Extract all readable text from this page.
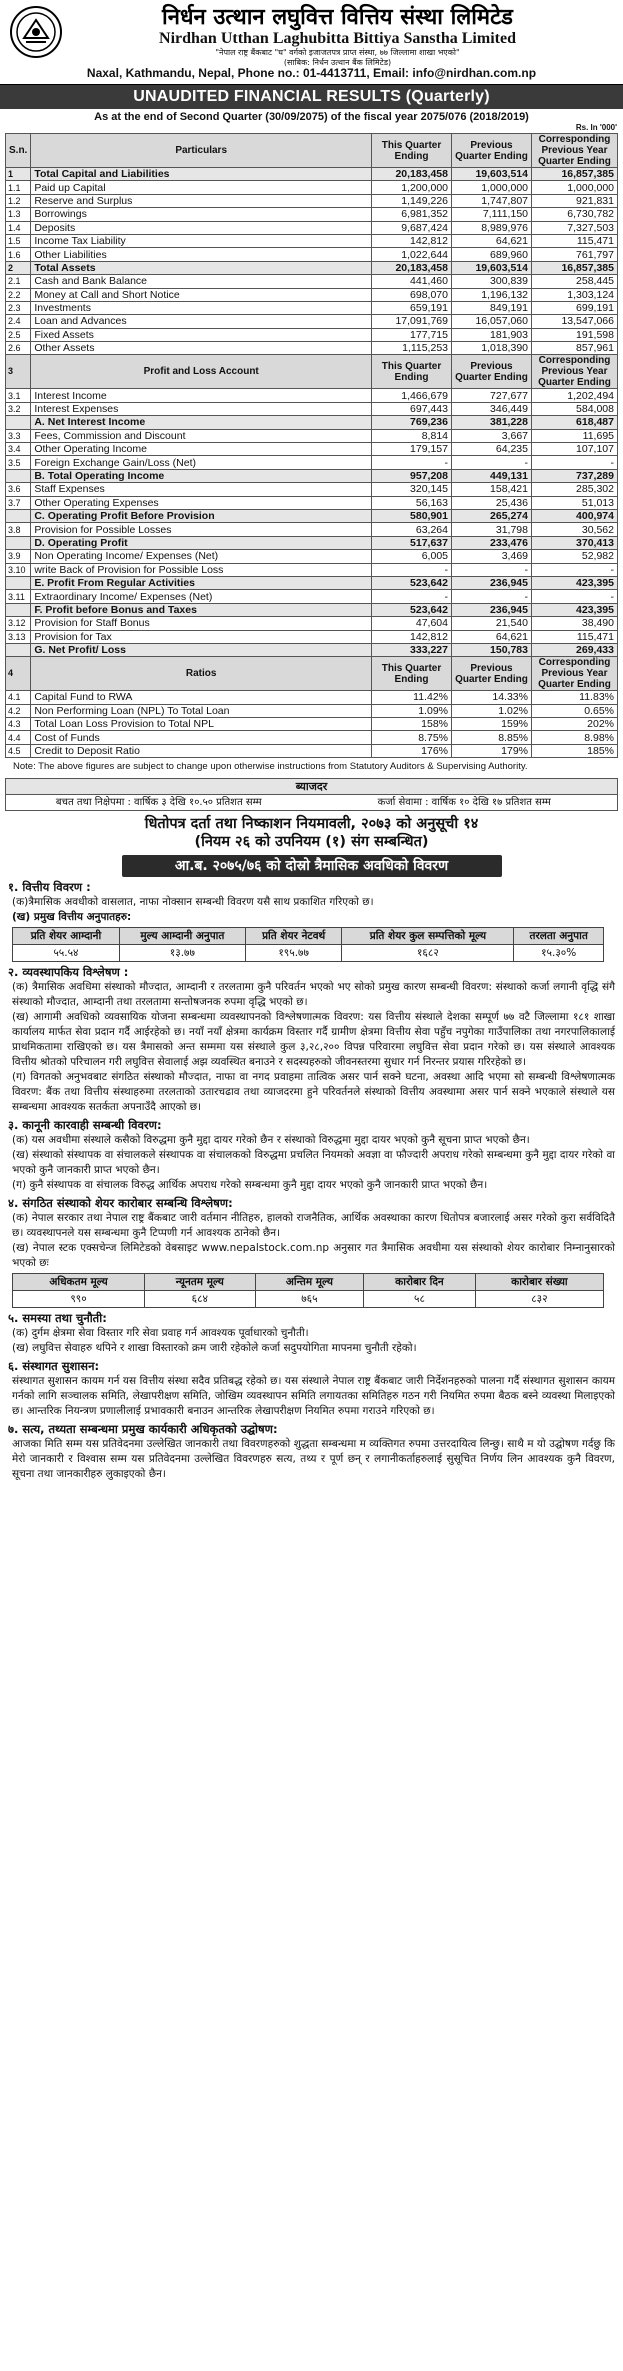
निर्धन उत्थान लघुवित्त वित्तिय संस्था लिमिटेड
Nirdhan Utthan Laghubitta Bittiya Sanstha Limited
"नेपाल राष्ट्र बैंकबाट "घ" वर्गको इजाजतपत्र प्राप्त संस्था, ७७ जिल्लामा शाखा भएको"
(साबिक: निर्धन उत्थान बैंक लिमिटेड)
Naxal, Kathmandu, Nepal, Phone no.: 01-4413711, Email: info@nirdhan.com.np
UNAUDITED FINANCIAL RESULTS (Quarterly)
As at the end of Second Quarter (30/09/2075) of the fiscal year 2075/076 (2018/2019)
Rs. In '000'
S.n.	Particulars	This Quarter Ending	Previous Quarter Ending	Corresponding Previous Year Quarter Ending
1	Total Capital and Liabilities	20,183,458	19,603,514	16,857,385
1.1	Paid up Capital	1,200,000	1,000,000	1,000,000
1.2	Reserve and Surplus	1,149,226	1,747,807	921,831
1.3	Borrowings	6,981,352	7,111,150	6,730,782
1.4	Deposits	9,687,424	8,989,976	7,327,503
1.5	Income Tax Liability	142,812	64,621	115,471
1.6	Other Liabilities	1,022,644	689,960	761,797
2	Total Assets	20,183,458	19,603,514	16,857,385
2.1	Cash and Bank Balance	441,460	300,839	258,445
2.2	Money at Call and Short Notice	698,070	1,196,132	1,303,124
2.3	Investments	659,191	849,191	699,191
2.4	Loan and Advances	17,091,769	16,057,060	13,547,066
2.5	Fixed Assets	177,715	181,903	191,598
2.6	Other Assets	1,115,253	1,018,390	857,961
3	Profit and Loss Account	This Quarter Ending	Previous Quarter Ending	Corresponding Previous Year Quarter Ending
3.1	Interest Income	1,466,679	727,677	1,202,494
3.2	Interest Expenses	697,443	346,449	584,008
	A. Net Interest Income	769,236	381,228	618,487
3.3	Fees, Commission and Discount	8,814	3,667	11,695
3.4	Other Operating Income	179,157	64,235	107,107
3.5	Foreign Exchange Gain/Loss (Net)	-	-	-
	B. Total Operating Income	957,208	449,131	737,289
3.6	Staff Expenses	320,145	158,421	285,302
3.7	Other Operating Expenses	56,163	25,436	51,013
	C. Operating Profit Before Provision	580,901	265,274	400,974
3.8	Provision for Possible Losses	63,264	31,798	30,562
	D. Operating Profit	517,637	233,476	370,413
3.9	Non Operating Income/ Expenses (Net)	6,005	3,469	52,982
3.10	write Back of Provision for Possible Loss	-	-	-
	E. Profit From Regular Activities	523,642	236,945	423,395
3.11	Extraordinary Income/ Expenses (Net)	-	-	-
	F. Profit before Bonus and Taxes	523,642	236,945	423,395
3.12	Provision for Staff Bonus	47,604	21,540	38,490
3.13	Provision for Tax	142,812	64,621	115,471
	G. Net Profit/ Loss	333,227	150,783	269,433
4	Ratios	This Quarter Ending	Previous Quarter Ending	Corresponding Previous Year Quarter Ending
4.1	Capital Fund to RWA	11.42%	14.33%	11.83%
4.2	Non Performing Loan (NPL) To Total Loan	1.09%	1.02%	0.65%
4.3	Total Loan Loss Provision to Total NPL	158%	159%	202%
4.4	Cost of Funds	8.75%	8.85%	8.98%
4.5	Credit to Deposit Ratio	176%	179%	185%
Note: The above figures are subject to change upon otherwise instructions from Statutory Auditors & Supervising Authority.
ब्याजदर
बचत तथा निक्षेपमा : वार्षिक ३ देखि १०.५० प्रतिशत सम्म	कर्जा सेवामा : वार्षिक १० देखि १७ प्रतिशत सम्म
धितोपत्र दर्ता तथा निष्काशन नियमावली, २०७३ को अनुसूची १४
(नियम २६ को उपनियम (१) संग सम्बन्धित)
आ.ब. २०७५/७६ को दोस्रो त्रैमासिक अवधिको विवरण
१. वित्तीय विवरण :

(क)त्रैमासिक अवधीको वासलात, नाफा नोक्सान सम्बन्धी विवरण यसै साथ प्रकाशित गरिएको छ।

(ख) प्रमुख वित्तीय अनुपातहरु:

प्रति शेयर आम्दानी	मुल्य आम्दानी अनुपात	प्रति शेयर नेटवर्थ	प्रति शेयर कुल सम्पत्तिको मूल्य	तरलता अनुपात
५५.५४	१३.७७	१९५.७७	१६८२	१५.३०%
२. व्यवस्थापकिय विश्लेषण :

(क) त्रैमासिक अवधिमा संस्थाको मौज्दात, आम्दानी र तरलतामा कुनै परिवर्तन भएको भए सोको प्रमुख कारण सम्बन्धी विवरण: संस्थाको कर्जा लगानी वृद्धि संगै संस्थाको मौज्दात, आम्दानी तथा तरलतामा सन्तोषजनक रुपमा वृद्धि भएको छ।

(ख) आगामी अवधिको व्यवसायिक योजना सम्बन्धमा व्यवस्थापनको विश्लेषणात्मक विवरण: यस वित्तीय संस्थाले देशका सम्पूर्ण ७७ वटै जिल्लामा १८१ शाखा कार्यालय मार्फत सेवा प्रदान गर्दै आईरहेको छ। नयाँ नयाँ क्षेत्रमा कार्यक्रम विस्तार गर्दै ग्रामीण क्षेत्रमा वित्तीय सेवा पहुँच नपुगेका गाउँपालिका तथा नगरपालिकालाई प्राथमिकतामा राखिएको छ। यस त्रैमासको अन्त सम्ममा यस संस्थाले कुल ३,२८,२०० विपन्न परिवारमा लघुवित्त सेवा प्रदान गरेको छ। यस संस्थाले आवश्यक वित्तीय श्रोतको परिचालन गरी लघुवित्त सेवालाई अझ व्यवस्थित बनाउने र सदस्यहरुको जीवनस्तरमा सुधार गर्न निरन्तर प्रयास गरिरहेको छ।

(ग) विगतको अनुभवबाट संगठित संस्थाको मौज्दात, नाफा वा नगद प्रवाहमा तात्विक असर पार्न सक्ने घटना, अवस्था आदि भएमा सो सम्बन्धी विश्लेषणात्मक विवरण: बैंक तथा वित्तीय संस्थाहरुमा तरलताको उतारचढाव तथा व्याजदरमा हुने परिवर्तनले संस्थाको वित्तीय अवस्थामा असर पार्न सक्ने भएकाले संस्थाले यस सम्बन्धमा आवश्यक सतर्कता अपनाउँदै आएको छ।

३. कानूनी कारवाही सम्बन्धी विवरण:

(क) यस अवधीमा संस्थाले कसैको विरुद्धमा कुनै मुद्दा दायर गरेको छैन र संस्थाको विरुद्धमा मुद्दा दायर भएको कुनै सूचना प्राप्त भएको छैन।

(ख) संस्थाको संस्थापक वा संचालकले संस्थापक वा संचालकको विरुद्धमा प्रचलित नियमको अवज्ञा वा फौज्दारी अपराध गरेको सम्बन्धमा कुनै मुद्दा दायर गरेको वा भएको कुनै जानकारी प्राप्त भएको छैन।

(ग) कुनै संस्थापक वा संचालक विरुद्ध आर्थिक अपराध गरेको सम्बन्धमा कुनै मुद्दा दायर भएको कुनै जानकारी प्राप्त भएको छैन।

४. संगठित संस्थाको शेयर कारोबार सम्बन्धि विश्लेषण:

(क) नेपाल सरकार तथा नेपाल राष्ट्र बैंकबाट जारी वर्तमान नीतिहरु, हालको राजनैतिक, आर्थिक अवस्थाका कारण धितोपत्र बजारलाई असर गरेको कुरा सर्वविदितै छ। व्यवस्थापनले यस सम्बन्धमा कुनै टिप्पणी गर्न आवश्यक ठानेको छैन।

(ख) नेपाल स्टक एक्सचेन्ज लिमिटेडको वेबसाइट www.nepalstock.com.np अनुसार गत त्रैमासिक अवधीमा यस संस्थाको शेयर कारोबार निम्नानुसारको भएको छः

अधिकतम मूल्य	न्यूनतम मूल्य	अन्तिम मूल्य	कारोबार दिन	कारोबार संख्या
९९०	६८४	७६५	५८	८३२
५. समस्या तथा चुनौती:

(क) दुर्गम क्षेत्रमा सेवा विस्तार गरि सेवा प्रवाह गर्न आवश्यक पूर्वाधारको चुनौती।

(ख) लघुवित्त सेवाहरु थपिने र शाखा विस्तारको क्रम जारी रहेकोले कर्जा सदुपयोगिता मापनमा चुनौती रहेको।

६. संस्थागत सुशासन:

संस्थागत सुशासन कायम गर्न यस वित्तीय संस्था सदैव प्रतिबद्ध रहेको छ। यस संस्थाले नेपाल राष्ट्र बैंकबाट जारी निर्देशनहरुको पालना गर्दै संस्थागत सुशासन कायम गर्नको लागि सञ्चालक समिति, लेखापरीक्षण समिति, जोखिम व्यवस्थापन समिति लगायतका समितिहरु गठन गरी नियमित रुपमा बैठक बस्ने व्यवस्था मिलाइएको छ। आन्तरिक नियन्त्रण प्रणालीलाई प्रभावकारी बनाउन आन्तरिक लेखापरीक्षण नियमित रुपमा गराउने गरिएको छ।

७. सत्य, तथ्यता सम्बन्धमा प्रमुख कार्यकारी अधिकृतको उद्घोषण:

आजका मिति सम्म यस प्रतिवेदनमा उल्लेखित जानकारी तथा विवरणहरुको शुद्धता सम्बन्धमा म व्यक्तिगत रुपमा उत्तरदायित्व लिन्छु। साथै म यो उद्घोषण गर्दछु कि मेरो जानकारी र विश्वास सम्म यस प्रतिवेदनमा उल्लेखित विवरणहरु सत्य, तथ्य र पूर्ण छन् र लगानीकर्ताहरुलाई सुसूचित निर्णय लिन आवश्यक कुनै विवरण, सूचना तथा जानकारीहरु लुकाइएको छैन।
